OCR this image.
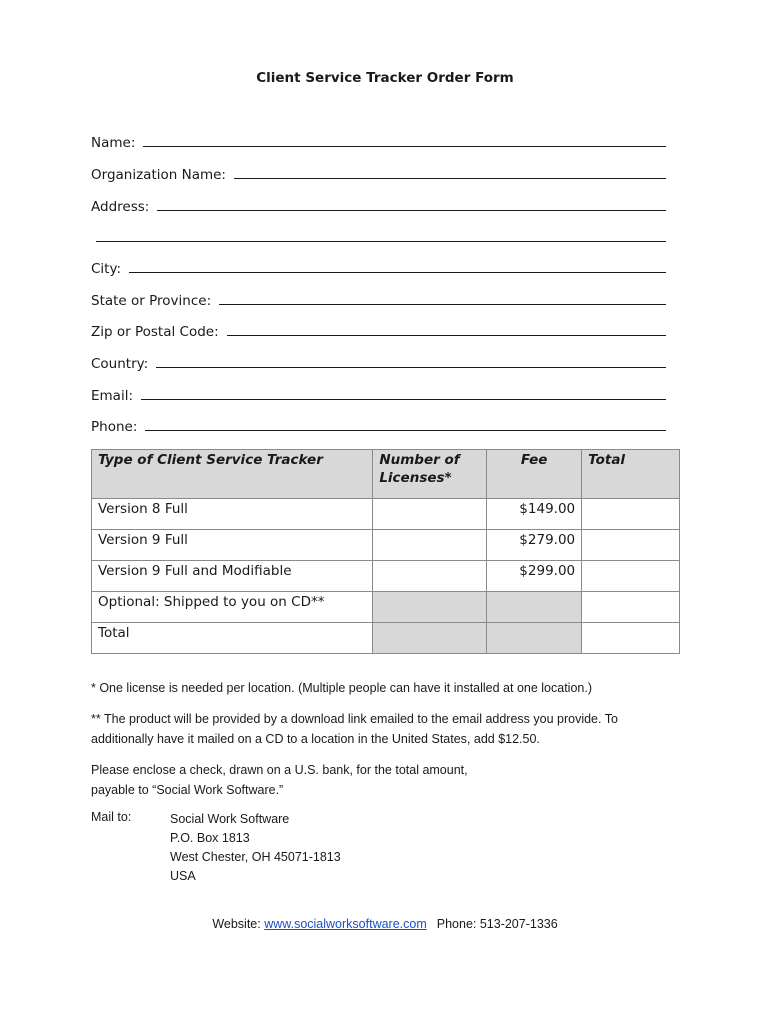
Client Service Tracker Order Form
Name:
Organization Name:
Address:
City:
State or Province:
Zip or Postal Code:
Country:
Email:
Phone:
Type of Client Service Tracker	Number of Licenses*	Fee	Total
Version 8 Full		$149.00	
Version 9 Full		$279.00	
Version 9 Full and Modifiable		$299.00	
Optional: Shipped to you on CD**			
Total			
* One license is needed per location. (Multiple people can have it installed at one location.)
** The product will be provided by a download link emailed to the email address you provide. To
additionally have it mailed on a CD to a location in the United States, add $12.50.
Please enclose a check, drawn on a U.S. bank, for the total amount,
payable to “Social Work Software.”
Mail to:	Social Work Software
P.O. Box 1813
West Chester, OH 45071-1813
USA
Website: www.socialworksoftware.com Phone: 513-207-1336
